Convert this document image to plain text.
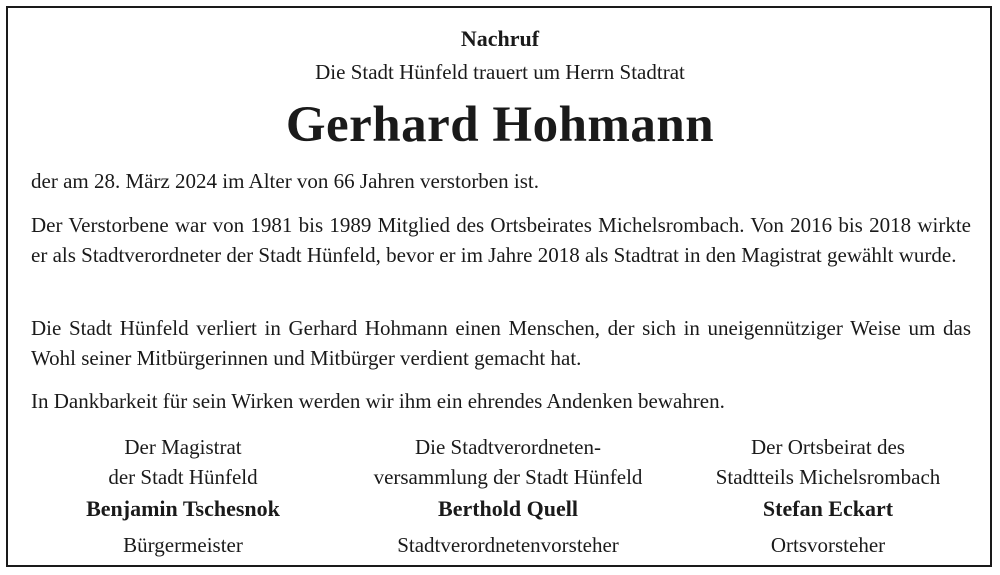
Nachruf
Die Stadt Hünfeld trauert um Herrn Stadtrat
Gerhard Hohmann

der am 28. März 2024 im Alter von 66 Jahren verstorben ist.

Der Verstorbene war von 1981 bis 1989 Mitglied des Ortsbeirates Michelsrombach. Von 2016 bis 2018 wirkte er als Stadtverordneter der Stadt Hünfeld, bevor er im Jahre 2018 als Stadtrat in den Magistrat gewählt wurde.

Die Stadt Hünfeld verliert in Gerhard Hohmann einen Menschen, der sich in uneigennütziger Weise um das Wohl seiner Mitbürgerinnen und Mitbürger verdient gemacht hat.

In Dankbarkeit für sein Wirken werden wir ihm ein ehrendes Andenken bewahren.

Der Magistrat
der Stadt Hünfeld
Benjamin Tschesnok
Bürgermeister
Die Stadtverordneten-
versammlung der Stadt Hünfeld
Berthold Quell
Stadtverordnetenvorsteher
Der Ortsbeirat des
Stadtteils Michelsrombach
Stefan Eckart
Ortsvorsteher
